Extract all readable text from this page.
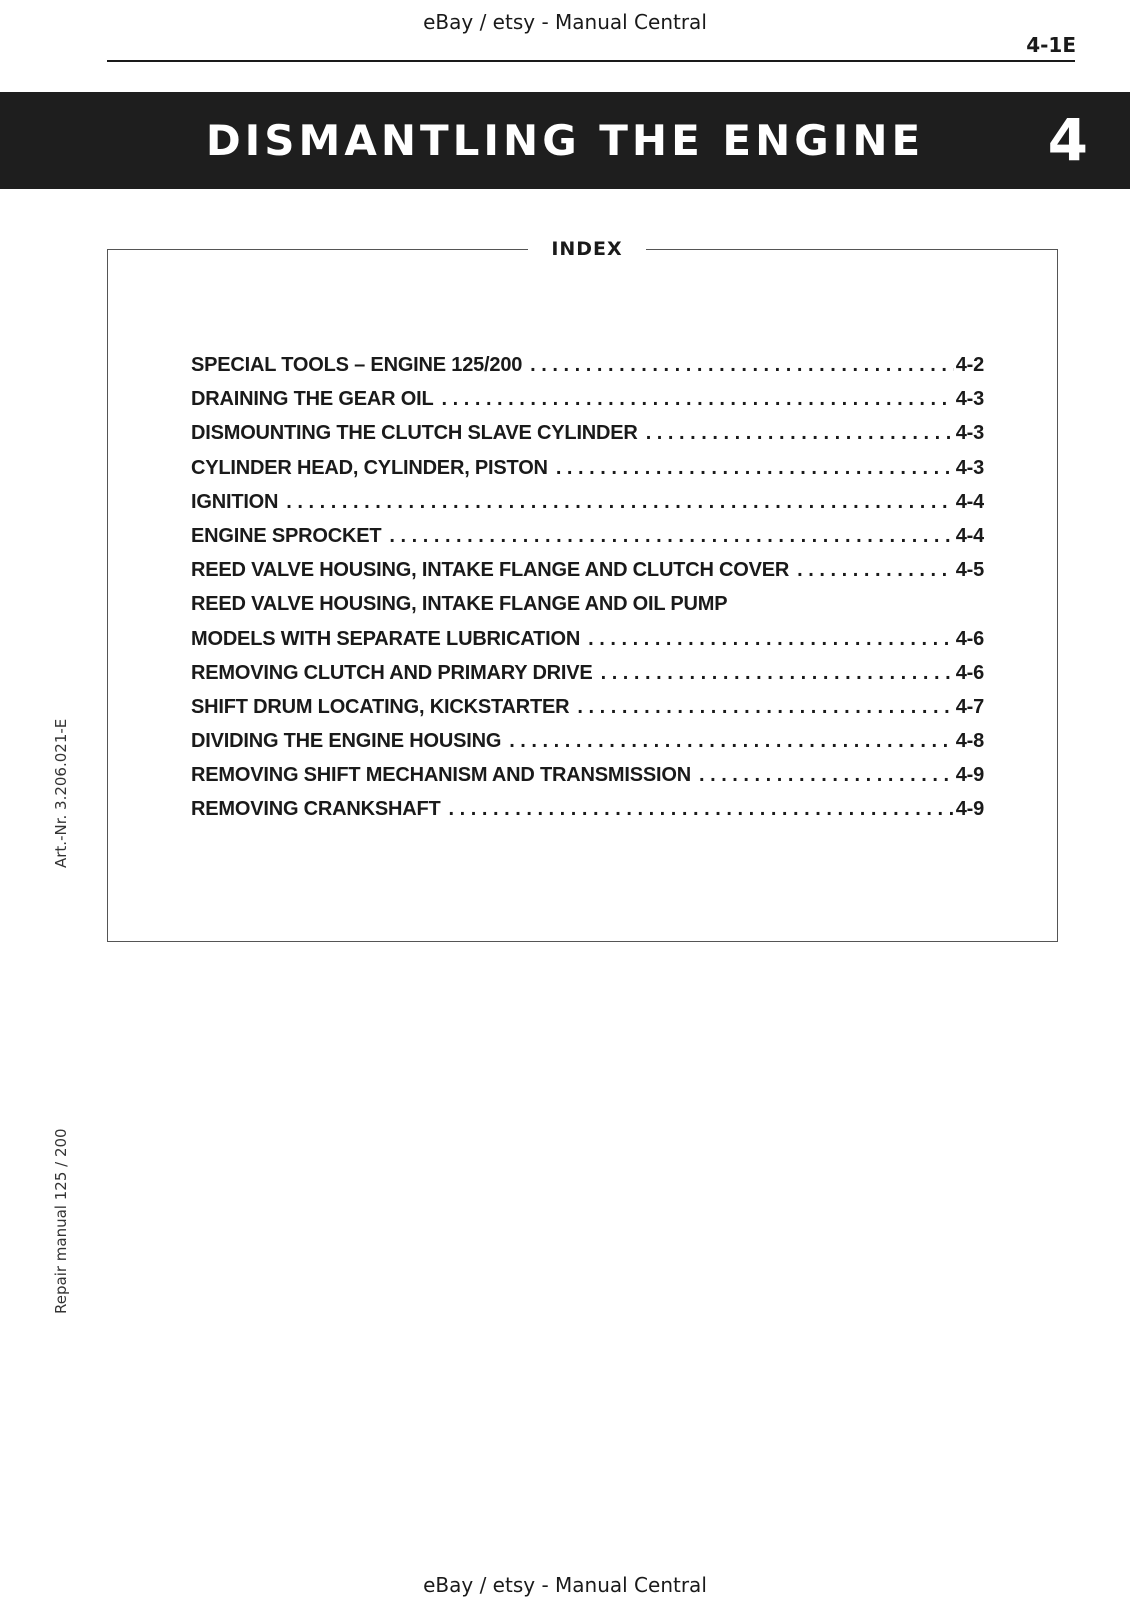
eBay / etsy - Manual Central
4-1E
DISMANTLING THE ENGINE	4
INDEX
SPECIAL TOOLS – ENGINE 125/200 . . .	4-2
DRAINING THE GEAR OIL . . .	4-3
DISMOUNTING THE CLUTCH SLAVE CYLINDER . . .	4-3
CYLINDER HEAD, CYLINDER, PISTON . . .	4-3
IGNITION . . .	4-4
ENGINE SPROCKET . . .	4-4
REED VALVE HOUSING, INTAKE FLANGE AND CLUTCH COVER . . .	4-5
REED VALVE HOUSING, INTAKE FLANGE AND OIL PUMP
MODELS WITH SEPARATE LUBRICATION . . .	4-6
REMOVING CLUTCH AND PRIMARY DRIVE . . .	4-6
SHIFT DRUM LOCATING, KICKSTARTER . . .	4-7
DIVIDING THE ENGINE HOUSING . . .	4-8
REMOVING SHIFT MECHANISM AND TRANSMISSION . . .	4-9
REMOVING CRANKSHAFT . . .	4-9
Art.-Nr. 3.206.021-E
Repair manual 125 / 200
eBay / etsy - Manual Central
